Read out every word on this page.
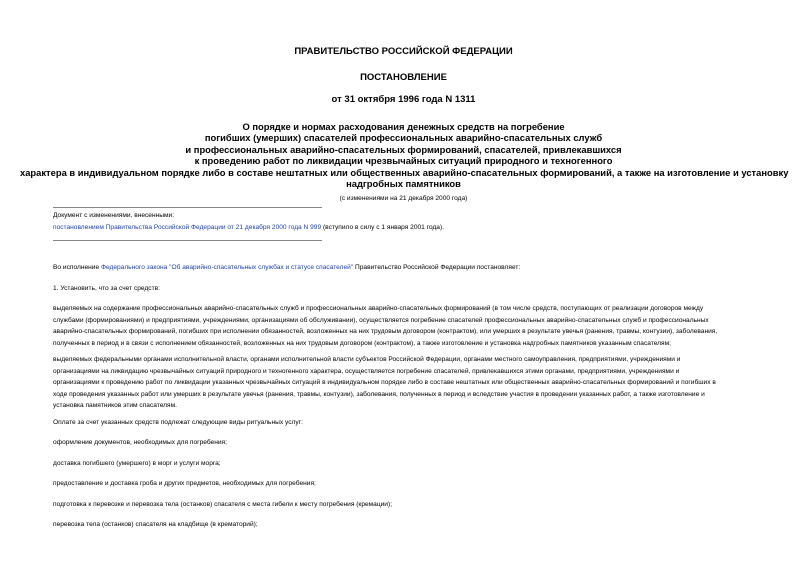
ПРАВИТЕЛЬСТВО РОССИЙСКОЙ ФЕДЕРАЦИИ
ПОСТАНОВЛЕНИЕ
от 31 октября 1996 года N 1311
О порядке и нормах расходования денежных средств на погребение
погибших (умерших) спасателей профессиональных аварийно-спасательных служб
и профессиональных аварийно-спасательных формирований, спасателей, привлекавшихся
к проведению работ по ликвидации чрезвычайных ситуаций природного и техногенного
характера в индивидуальном порядке либо в составе нештатных или общественных аварийно-спасательных формирований, а также на изготовление и установку
надгробных памятников
(с изменениями на 21 декабря 2000 года)
Документ с изменениями, внесенными:
постановлением Правительства Российской Федерации от 21 декабря 2000 года N 999 (вступило в силу с 1 января 2001 года).
Во исполнение Федерального закона "Об аварийно-спасательных службах и статусе спасателей" Правительство Российской Федерации постановляет:
1. Установить, что за счет средств:
выделяемых на содержание профессиональных аварийно-спасательных служб и профессиональных аварийно-спасательных формирований (в том числе средств, поступающих от реализации договоров между
службами (формированиями) и предприятиями, учреждениями, организациями об обслуживании), осуществляется погребение спасателей профессиональных аварийно-спасательных служб и профессиональных
аварийно-спасательных формирований, погибших при исполнении обязанностей, возложенных на них трудовым договором (контрактом), или умерших в результате увечья (ранения, травмы, контузии), заболевания,
полученных в период и в связи с исполнением обязанностей, возложенных на них трудовым договором (контрактом), а также изготовление и установка надгробных памятников указанным спасателям;
выделяемых федеральными органами исполнительной власти, органами исполнительной власти субъектов Российской Федерации, органами местного самоуправления, предприятиями, учреждениями и
организациями на ликвидацию чрезвычайных ситуаций природного и техногенного характера, осуществляется погребение спасателей, привлекавшихся этими органами, предприятиями, учреждениями и
организациями к проведению работ по ликвидации указанных чрезвычайных ситуаций в индивидуальном порядке либо в составе нештатных или общественных аварийно-спасательных формирований и погибших в
ходе проведения указанных работ или умерших в результате увечья (ранения, травмы, контузии), заболевания, полученных в период и вследствие участия в проведении указанных работ, а также изготовление и
установка памятников этим спасателям.
Оплате за счет указанных средств подлежат следующие виды ритуальных услуг:
оформление документов, необходимых для погребения;
доставка погибшего (умершего) в морг и услуги морга;
предоставление и доставка гроба и других предметов, необходимых для погребения;
подготовка к перевозке и перевозка тела (останков) спасателя с места гибели к месту погребения (кремации);
перевозка тела (останков) спасателя на кладбище (в крематорий);
